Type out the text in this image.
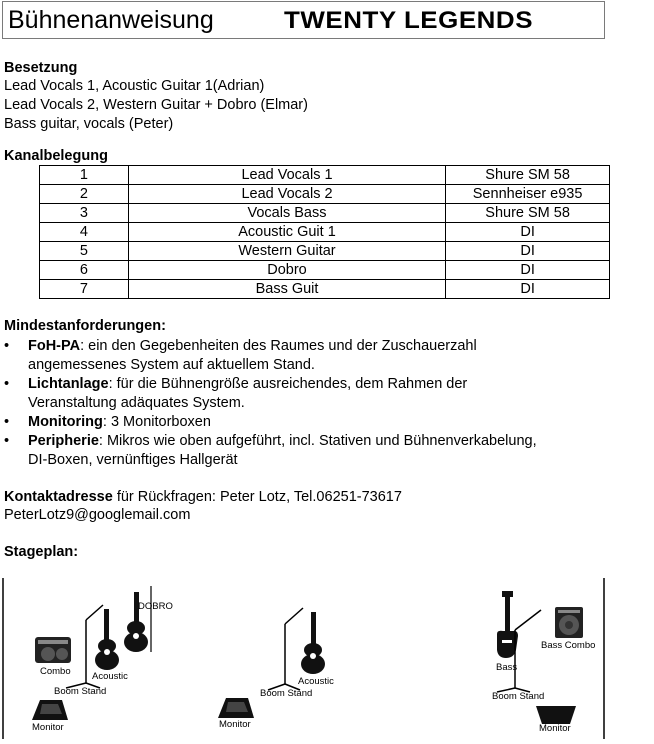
Bühnenanweisung	TWENTY LEGENDS
Besetzung
Lead Vocals 1, Acoustic Guitar 1(Adrian)
Lead Vocals 2, Western Guitar + Dobro (Elmar)
Bass guitar, vocals (Peter)
Kanalbelegung
1	Lead Vocals 1	Shure SM 58
2	Lead Vocals 2	Sennheiser e935
3	Vocals Bass	Shure SM 58
4	Acoustic Guit 1	DI
5	Western Guitar	DI
6	Dobro	DI
7	Bass Guit	DI
Mindestanforderungen:
•	FoH-PA: ein den Gegebenheiten des Raumes und der Zuschauerzahl
angemessenes System auf aktuellem Stand.
•	Lichtanlage: für die Bühnengröße ausreichendes, dem Rahmen der
Veranstaltung adäquates System.
•	Monitoring: 3 Monitorboxen
•	Peripherie: Mikros wie oben aufgeführt, incl. Stativen und Bühnenverkabelung,
DI-Boxen, vernünftiges Hallgerät
Kontaktadresse für Rückfragen: Peter Lotz, Tel.06251-73617
PeterLotz9@googlemail.com
Stageplan:
Combo Acoustic
DOBRO
Boom Stand
Monitor
Acoustic
Boom Stand
Monitor
Bass
Boom Stand
Bass Combo
Monitor
